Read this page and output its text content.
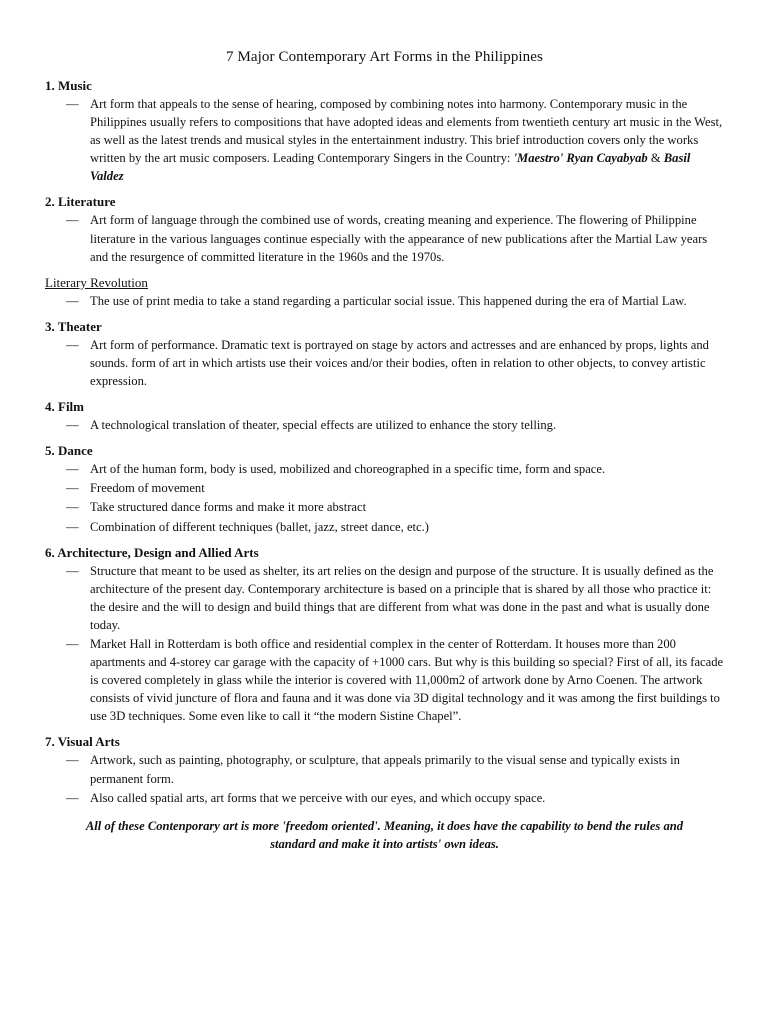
7 Major Contemporary Art Forms in the Philippines
1. Music
— Art form that appeals to the sense of hearing, composed by combining notes into harmony. Contemporary music in the Philippines usually refers to compositions that have adopted ideas and elements from twentieth century art music in the West, as well as the latest trends and musical styles in the entertainment industry. This brief introduction covers only the works written by the art music composers. Leading Contemporary Singers in the Country: 'Maestro' Ryan Cayabyab & Basil Valdez
2. Literature
— Art form of language through the combined use of words, creating meaning and experience. The flowering of Philippine literature in the various languages continue especially with the appearance of new publications after the Martial Law years and the resurgence of committed literature in the 1960s and the 1970s.
Literary Revolution
— The use of print media to take a stand regarding a particular social issue. This happened during the era of Martial Law.
3. Theater
— Art form of performance. Dramatic text is portrayed on stage by actors and actresses and are enhanced by props, lights and sounds. form of art in which artists use their voices and/or their bodies, often in relation to other objects, to convey artistic expression.
4. Film
— A technological translation of theater, special effects are utilized to enhance the story telling.
5. Dance
— Art of the human form, body is used, mobilized and choreographed in a specific time, form and space.
— Freedom of movement
— Take structured dance forms and make it more abstract
— Combination of different techniques (ballet, jazz, street dance, etc.)
6. Architecture, Design and Allied Arts
— Structure that meant to be used as shelter, its art relies on the design and purpose of the structure. It is usually defined as the architecture of the present day. Contemporary architecture is based on a principle that is shared by all those who practice it: the desire and the will to design and build things that are different from what was done in the past and what is usually done today.
— Market Hall in Rotterdam is both office and residential complex in the center of Rotterdam. It houses more than 200 apartments and 4-storey car garage with the capacity of +1000 cars. But why is this building so special? First of all, its facade is covered completely in glass while the interior is covered with 11,000m2 of artwork done by Arno Coenen. The artwork consists of vivid juncture of flora and fauna and it was done via 3D digital technology and it was among the first buildings to use 3D techniques. Some even like to call it “the modern Sistine Chapel”.
7. Visual Arts
— Artwork, such as painting, photography, or sculpture, that appeals primarily to the visual sense and typically exists in permanent form.
— Also called spatial arts, art forms that we perceive with our eyes, and which occupy space.
All of these Contenporary art is more 'freedom oriented'. Meaning, it does have the capability to bend the rules and standard and make it into artists' own ideas.
